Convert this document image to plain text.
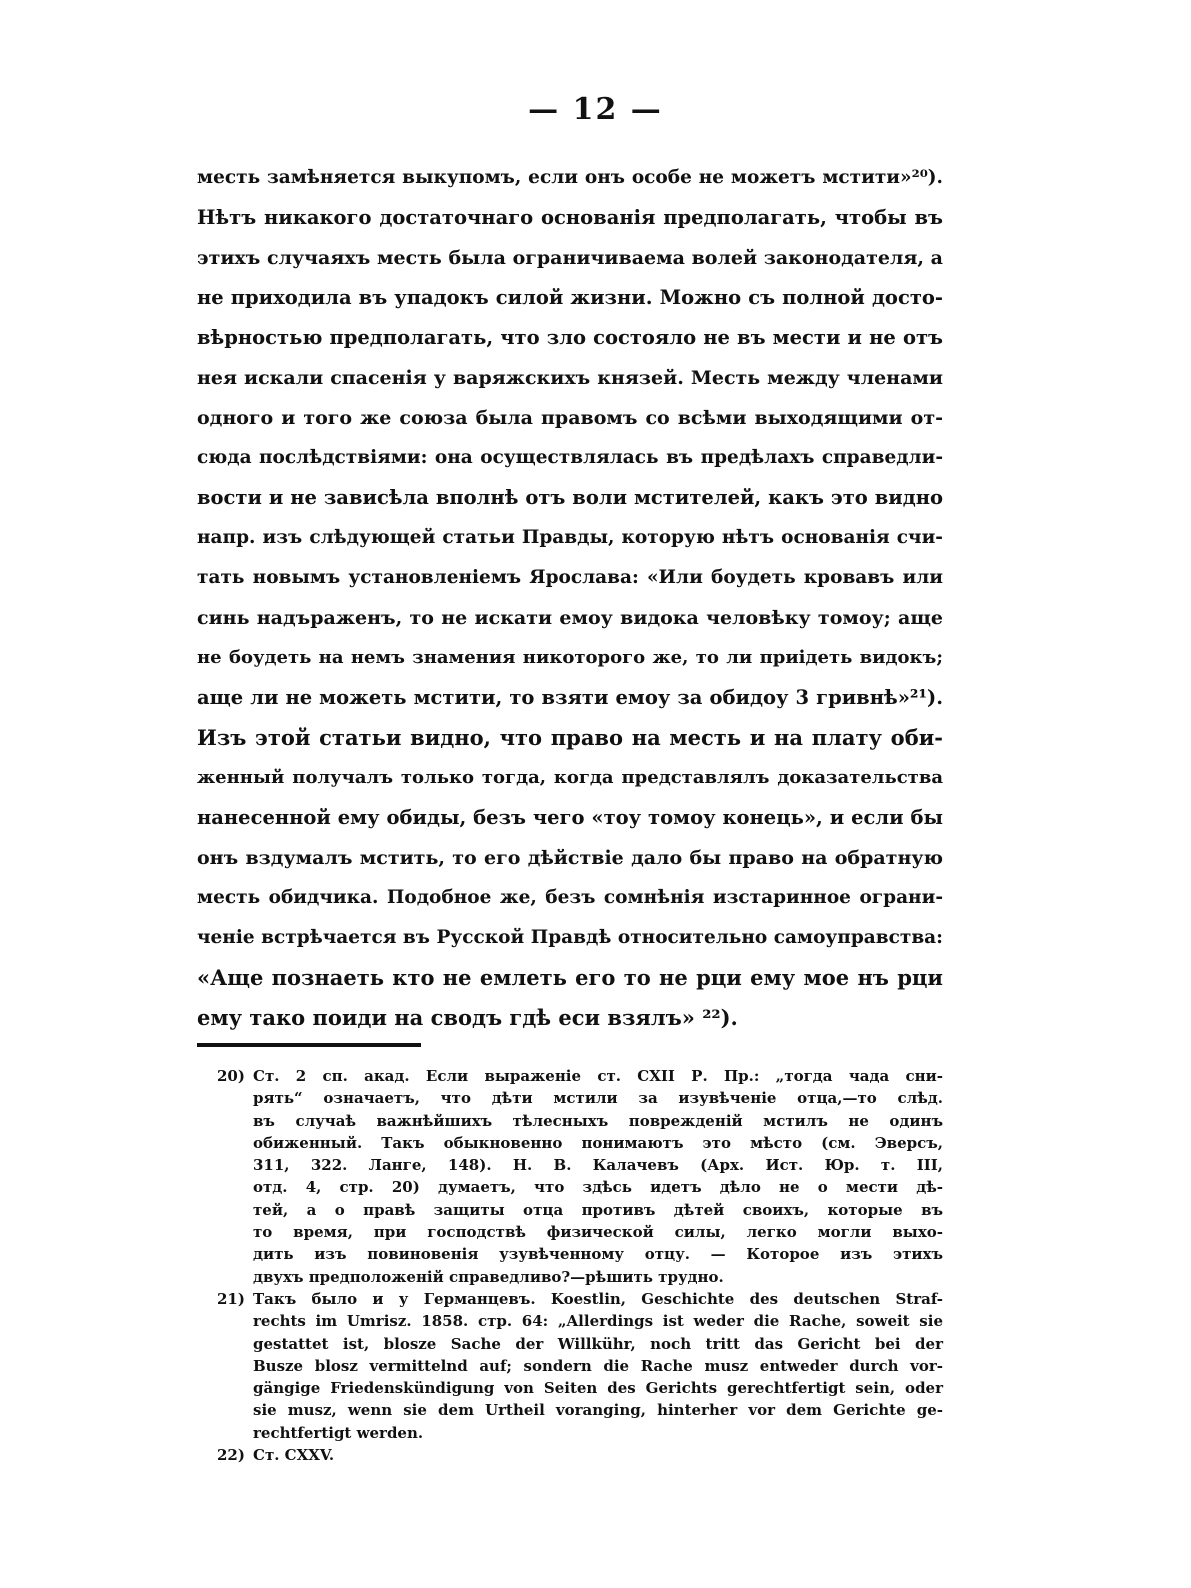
— 12 —
месть замѣняется выкупомъ, если онъ особе не можетъ мстити»²⁰).
Нѣтъ никакого достаточнаго основанія предполагать, чтобы въ
этихъ случаяхъ месть была ограничиваема волей законодателя, а
не приходила въ упадокъ силой жизни. Можно съ полной досто-
вѣрностью предполагать, что зло состояло не въ мести и не отъ
нея искали спасенія у варяжскихъ князей. Месть между членами
одного и того же союза была правомъ со всѣми выходящими от-
сюда послѣдствіями: она осуществлялась въ предѣлахъ справедли-
вости и не зависѣла вполнѣ отъ воли мстителей, какъ это видно
напр. изъ слѣдующей статьи Правды, которую нѣтъ основанія счи-
тать новымъ установленіемъ Ярослава: «Или боудеть кровавъ или
синь надъраженъ, то не искати емоу видока человѣку томоу; аще
не боудеть на немъ знамения никоторого же, то ли приідеть видокъ;
аще ли не можеть мстити, то взяти емоу за обидоу 3 гривнѣ»²¹).
Изъ этой статьи видно, что право на месть и на плату оби-
женный получалъ только тогда, когда представлялъ доказательства
нанесенной ему обиды, безъ чего «тоу томоу конець», и если бы
онъ вздумалъ мстить, то его дѣйствіе дало бы право на обратную
месть обидчика. Подобное же, безъ сомнѣнія изстаринное ограни-
ченіе встрѣчается въ Русской Правдѣ относительно самоуправства:
«Аще познаеть кто не емлеть его то не рци ему мое нъ рци
ему тако поиди на сводъ гдѣ еси взялъ» ²²).
20) Ст. 2 сп. акад. Если выраженіе ст. CXII Р. Пр.: „тогда чада сни-
рять“ означаетъ, что дѣти мстили за изувѣченіе отца,—то слѣд.
въ случаѣ важнѣйшихъ тѣлесныхъ поврежденій мстилъ не одинъ
обиженный. Такъ обыкновенно понимаютъ это мѣсто (см. Эверсъ,
311, 322. Ланге, 148). Н. В. Калачевъ (Арх. Ист. Юр. т. III,
отд. 4, стр. 20) думаетъ, что здѣсь идетъ дѣло не о мести дѣ-
тей, а о правѣ защиты отца противъ дѣтей своихъ, которые въ
то время, при господствѣ физической силы, легко могли выхо-
дить изъ повиновенія узувѣченному отцу. — Которое изъ этихъ
двухъ предположеній справедливо?—рѣшить трудно.
21) Такъ было и у Германцевъ. Koestlin, Geschichte des deutschen Straf-
rechts im Umrisz. 1858. стр. 64: „Allerdings ist weder die Rache, soweit sie
gestattet ist, blosze Sache der Willkühr, noch tritt das Gericht bei der
Busze blosz vermittelnd auf; sondern die Rache musz entweder durch vor-
gängige Friedenskündigung von Seiten des Gerichts gerechtfertigt sein, oder
sie musz, wenn sie dem Urtheil voranging, hinterher vor dem Gerichte ge-
rechtfertigt werden.
22) Ст. CXXV.
